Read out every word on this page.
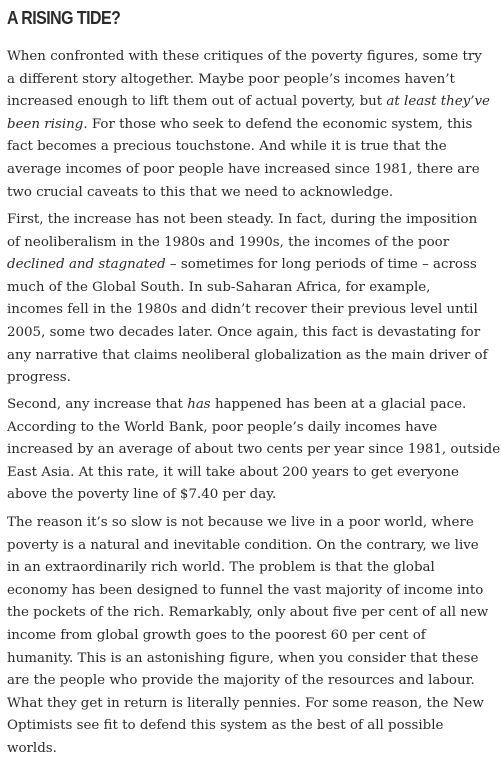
A RISING TIDE?
When confronted with these critiques of the poverty figures, some try
a different story altogether. Maybe poor people’s incomes haven’t
increased enough to lift them out of actual poverty, but at least they’ve
been rising. For those who seek to defend the economic system, this
fact becomes a precious touchstone. And while it is true that the
average incomes of poor people have increased since 1981, there are
two crucial caveats to this that we need to acknowledge.
First, the increase has not been steady. In fact, during the imposition
of neoliberalism in the 1980s and 1990s, the incomes of the poor
declined and stagnated – sometimes for long periods of time – across
much of the Global South. In sub-Saharan Africa, for example,
incomes fell in the 1980s and didn’t recover their previous level until
2005, some two decades later. Once again, this fact is devastating for
any narrative that claims neoliberal globalization as the main driver of
progress.
Second, any increase that has happened has been at a glacial pace.
According to the World Bank, poor people’s daily incomes have
increased by an average of about two cents per year since 1981, outside
East Asia. At this rate, it will take about 200 years to get everyone
above the poverty line of $7.40 per day.
The reason it’s so slow is not because we live in a poor world, where
poverty is a natural and inevitable condition. On the contrary, we live
in an extraordinarily rich world. The problem is that the global
economy has been designed to funnel the vast majority of income into
the pockets of the rich. Remarkably, only about five per cent of all new
income from global growth goes to the poorest 60 per cent of
humanity. This is an astonishing figure, when you consider that these
are the people who provide the majority of the resources and labour.
What they get in return is literally pennies. For some reason, the New
Optimists see fit to defend this system as the best of all possible
worlds.
